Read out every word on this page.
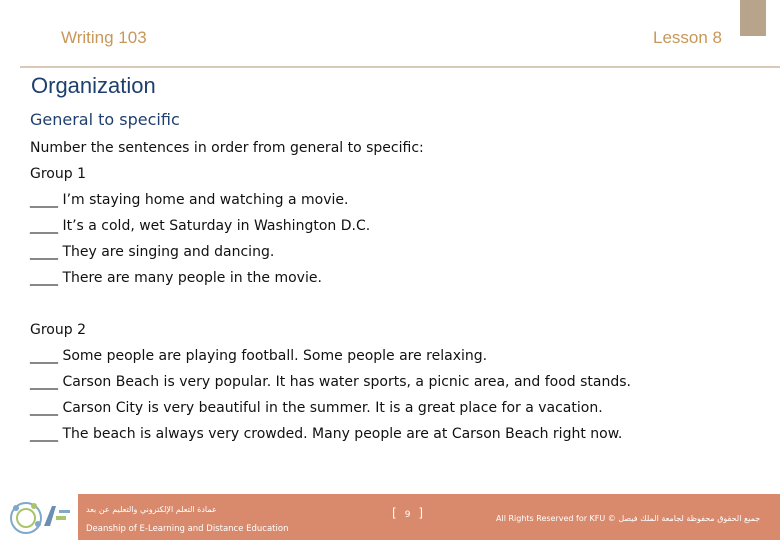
Writing 103	Lesson 8
Organization
General to specific
Number the sentences in order from general to specific:
Group 1
____ I’m staying home and watching a movie.
____ It’s a cold, wet Saturday in Washington D.C.
____ They are singing and dancing.
____ There are many people in the movie.
Group 2
____ Some people are playing football. Some people are relaxing.
____ Carson Beach is very popular. It has water sports, a picnic area, and food stands.
____ Carson City is very beautiful in the summer. It is a great place for a vacation.
____ The beach is always very crowded. Many people are at Carson Beach right now.
عمادة التعلم الإلكتروني والتعليم عن بعد
Deanship of E-Learning and Distance Education
[ 9 ]	All Rights Reserved for KFU © جميع الحقوق محفوظة لجامعة الملك فيصل
